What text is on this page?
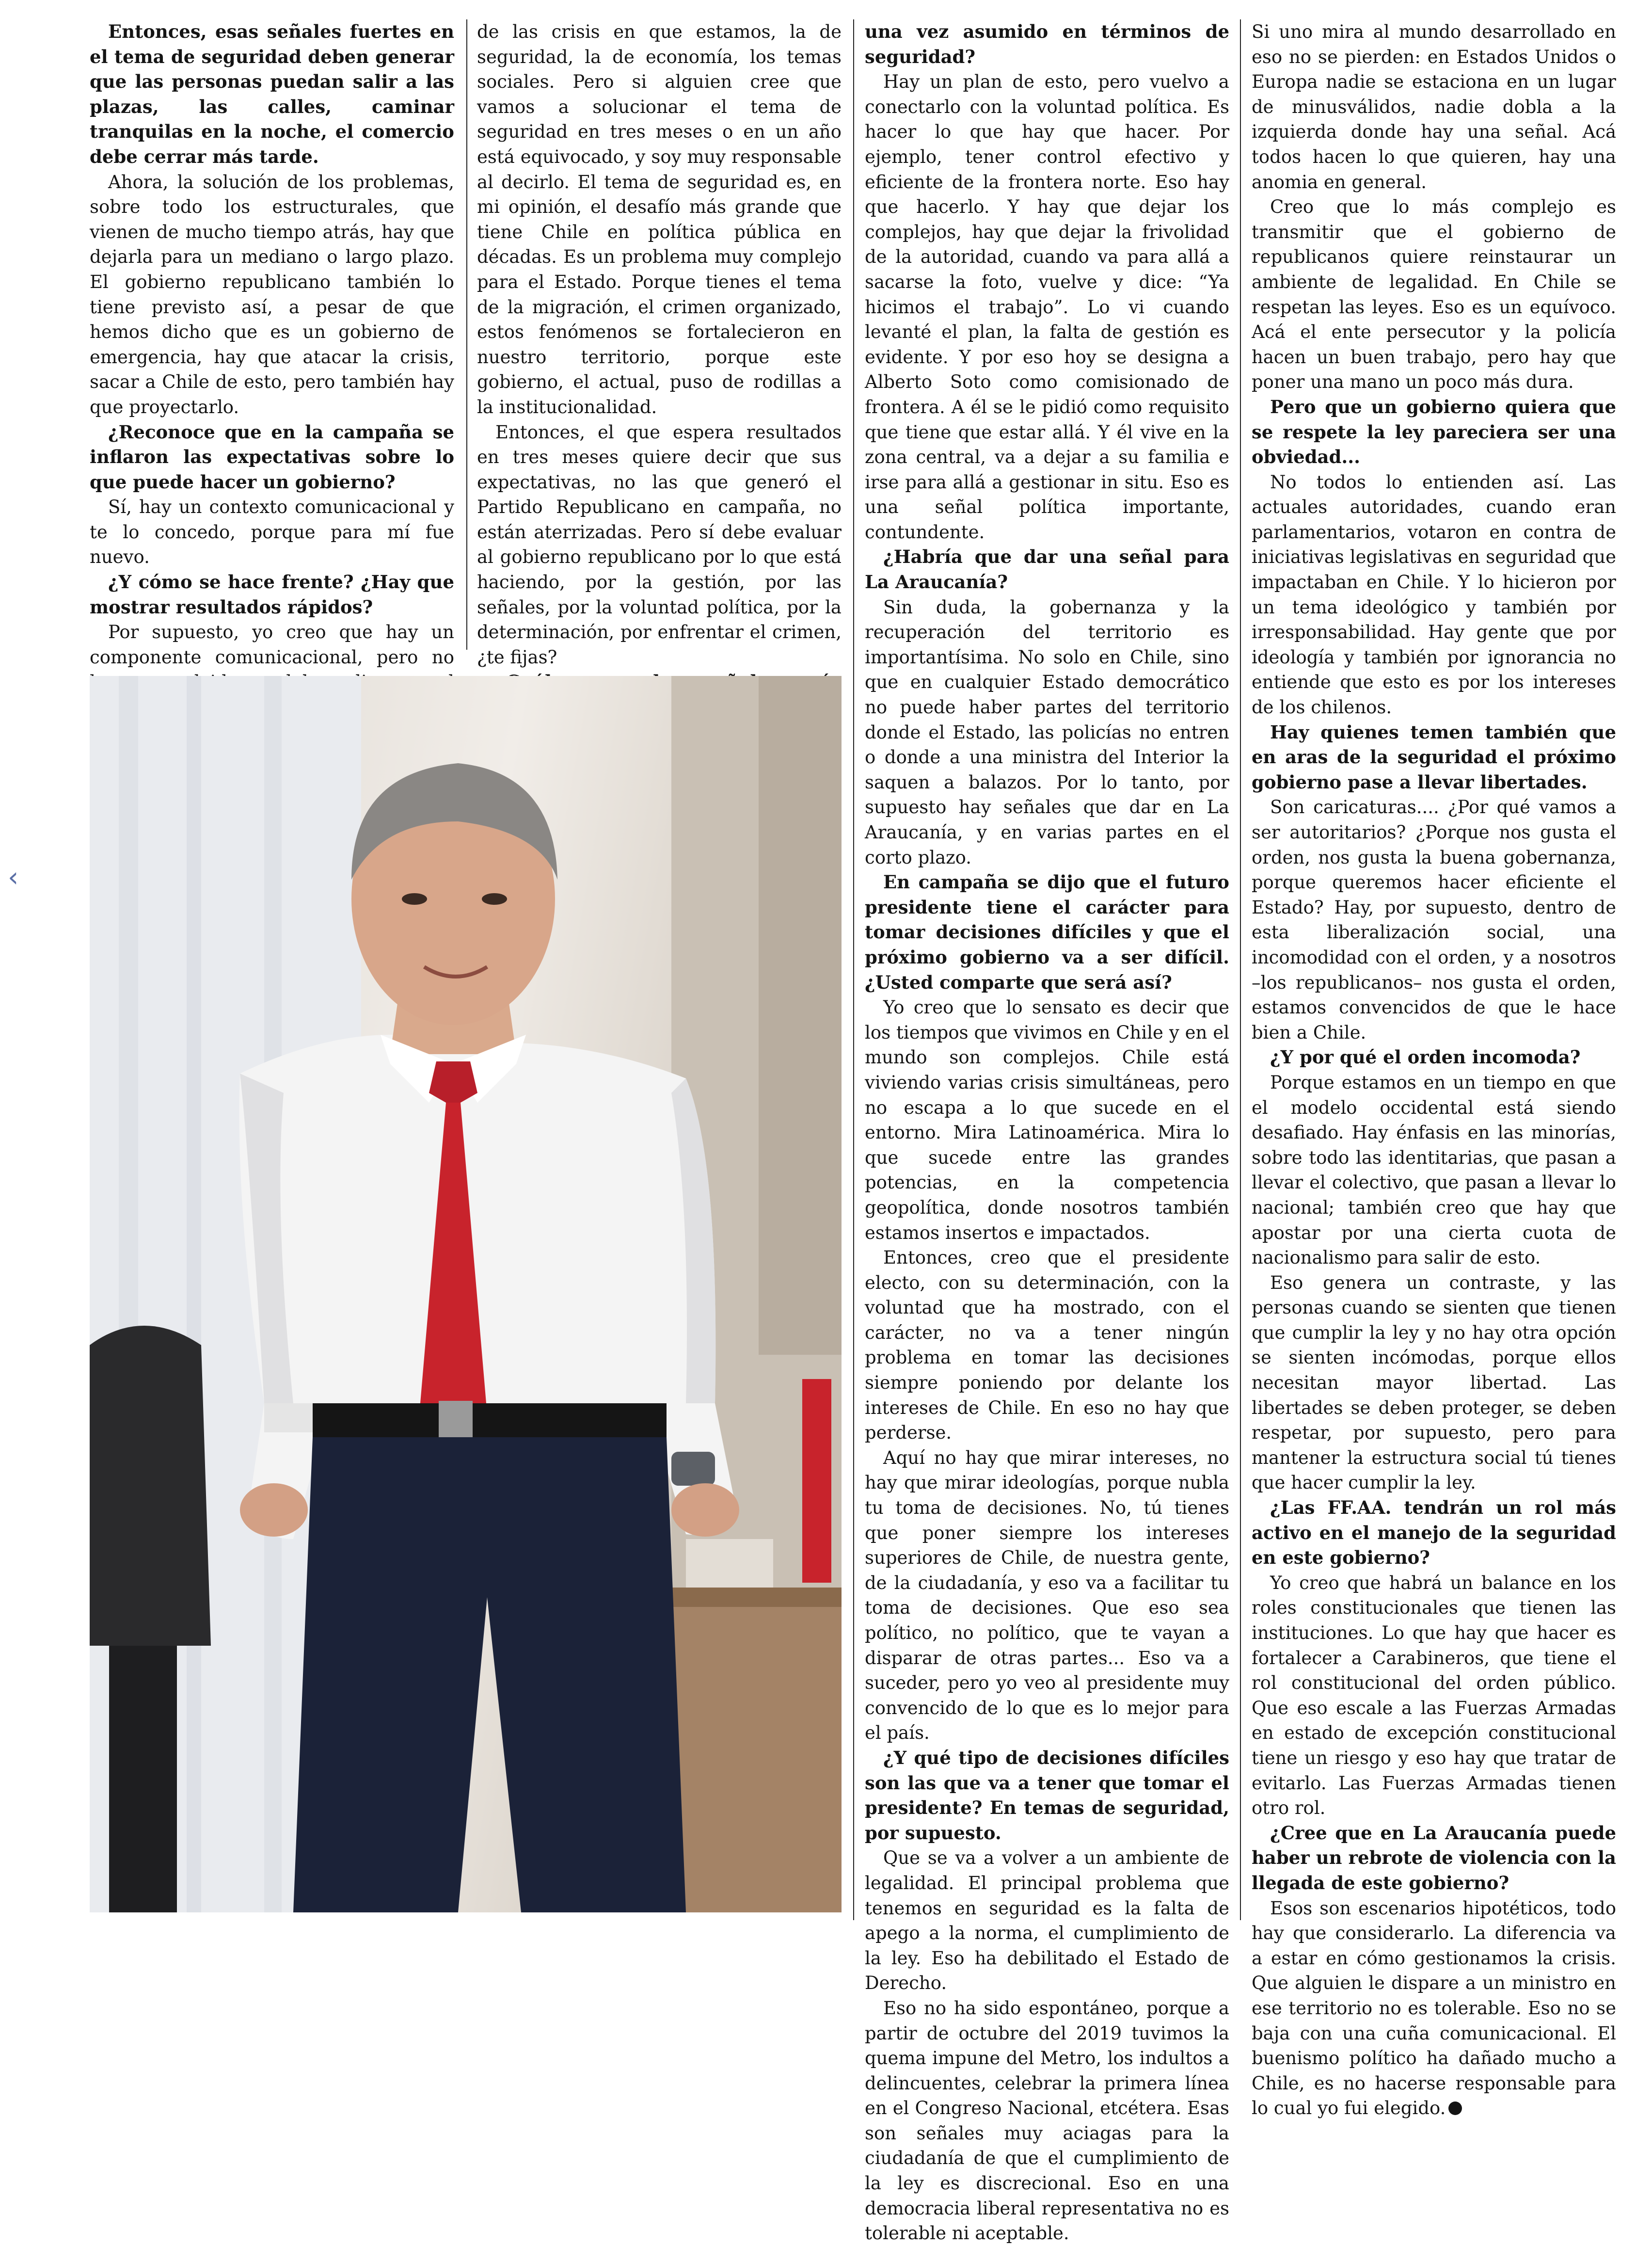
‹

Entonces, esas señales fuertes en el tema de seguridad deben generar que las personas puedan salir a las plazas, las calles, caminar tranquilas en la noche, el comercio debe cerrar más tarde.

Ahora, la solución de los problemas, sobre todo los estructurales, que vienen de mucho tiempo atrás, hay que dejarla para un mediano o largo plazo. El gobierno republicano también lo tiene previsto así, a pesar de que hemos dicho que es un gobierno de emergencia, hay que atacar la crisis, sacar a Chile de esto, pero también hay que proyectarlo.

¿Reconoce que en la campaña se inflaron las expectativas sobre lo que puede hacer un gobierno?

Sí, hay un contexto comunicacional y te lo concedo, porque para mí fue nuevo.

¿Y cómo se hace frente? ¿Hay que mostrar resultados rápidos?

Por supuesto, yo creo que hay un componente comunicacional, pero no

de las crisis en que estamos, la de seguridad, la de economía, los temas sociales. Pero si alguien cree que vamos a solucionar el tema de seguridad en tres meses o en un año está equivocado, y soy muy responsable al decirlo. El tema de seguridad es, en mi opinión, el desafío más grande que tiene Chile en política pública en décadas. Es un problema muy complejo para el Estado. Porque tienes el tema de la migración, el crimen organizado, estos fenómenos se fortalecieron en nuestro territorio, porque este gobierno, el actual, puso de rodillas a la institucionalidad.

Entonces, el que espera resultados en tres meses quiere decir que sus expectativas, no las que generó el Partido Republicano en campaña, no están aterrizadas. Pero sí debe evaluar al gobierno republicano por lo que está haciendo, por la gestión, por las señales, por la voluntad política, por la determinación, por enfrentar el crimen, ¿te fijas?

una vez asumido en términos de seguridad?

Hay un plan de esto, pero vuelvo a conectarlo con la voluntad política. Es hacer lo que hay que hacer. Por ejemplo, tener control efectivo y eficiente de la frontera norte. Eso hay que hacerlo. Y hay que dejar los complejos, hay que dejar la frivolidad de la autoridad, cuando va para allá a sacarse la foto, vuelve y dice: “Ya hicimos el trabajo”. Lo vi cuando levanté el plan, la falta de gestión es evidente. Y por eso hoy se designa a Alberto Soto como comisionado de frontera. A él se le pidió como requisito que tiene que estar allá. Y él vive en la zona central, va a dejar a su familia e irse para allá a gestionar in situ. Eso es una señal política importante, contundente.

¿Habría que dar una señal para La Araucanía?

Sin duda, la gobernanza y la recuperación del territorio es importantísima. No solo en Chile, sino que en cualquier Estado democrático no puede haber partes del territorio donde el Estado, las policías no entren o donde a una ministra del Interior la saquen a balazos. Por lo tanto, por supuesto hay señales que dar en La Araucanía, y en varias partes en el corto plazo.

En campaña se dijo que el futuro presidente tiene el carácter para tomar decisiones difíciles y que el próximo gobierno va a ser difícil. ¿Usted comparte que será así?

Yo creo que lo sensato es decir que los tiempos que vivimos en Chile y en el mundo son complejos. Chile está viviendo varias crisis simultáneas, pero no escapa a lo que sucede en el entorno. Mira Latinoamérica. Mira lo que sucede entre las grandes potencias, en la competencia geopolítica, donde nosotros también estamos insertos e impactados.

Entonces, creo que el presidente electo, con su determinación, con la voluntad que ha mostrado, con el carácter, no va a tener ningún problema en tomar las decisiones siempre poniendo por delante los intereses de Chile. En eso no hay que perderse.

Aquí no hay que mirar intereses, no hay que mirar ideologías, porque nubla tu toma de decisiones. No, tú tienes que poner siempre los intereses superiores de Chile, de nuestra gente, de la ciudadanía, y eso va a facilitar tu toma de decisiones. Que eso sea político, no político, que te vayan a disparar de otras partes... Eso va a suceder, pero yo veo al presidente muy convencido de lo que es lo mejor para el país.

¿Y qué tipo de decisiones difíciles son las que va a tener que tomar el presidente? En temas de seguridad, por supuesto.

Que se va a volver a un ambiente de legalidad. El principal problema que tenemos en seguridad es la falta de apego a la norma, el cumplimiento de la ley. Eso ha debilitado el Estado de Derecho.

Eso no ha sido espontáneo, porque a partir de octubre del 2019 tuvimos la quema impune del Metro, los indultos a delincuentes, celebrar la primera línea en el Congreso Nacional, etcétera. Esas son señales muy aciagas para la ciudadanía de que el cumplimiento de la ley es discrecional. Eso en una democracia liberal representativa no es tolerable ni aceptable.

Si uno mira al mundo desarrollado en eso no se pierden: en Estados Unidos o Europa nadie se estaciona en un lugar de minusválidos, nadie dobla a la izquierda donde hay una señal. Acá todos hacen lo que quieren, hay una anomia en general.

Creo que lo más complejo es transmitir que el gobierno de republicanos quiere reinstaurar un ambiente de legalidad. En Chile se respetan las leyes. Eso es un equívoco. Acá el ente persecutor y la policía hacen un buen trabajo, pero hay que poner una mano un poco más dura.

Pero que un gobierno quiera que se respete la ley pareciera ser una obviedad...

No todos lo entienden así. Las actuales autoridades, cuando eran parlamentarios, votaron en contra de iniciativas legislativas en seguridad que impactaban en Chile. Y lo hicieron por un tema ideológico y también por irresponsabilidad. Hay gente que por ideología y también por ignorancia no entiende que esto es por los intereses de los chilenos.

Hay quienes temen también que en aras de la seguridad el próximo gobierno pase a llevar libertades.

Son caricaturas.... ¿Por qué vamos a ser autoritarios? ¿Porque nos gusta el orden, nos gusta la buena gobernanza, porque queremos hacer eficiente el Estado? Hay, por supuesto, dentro de esta liberalización social, una incomodidad con el orden, y a nosotros –los republicanos– nos gusta el orden, estamos convencidos de que le hace bien a Chile.

¿Y por qué el orden incomoda?

Porque estamos en un tiempo en que el modelo occidental está siendo desafiado. Hay énfasis en las minorías, sobre todo las identitarias, que pasan a llevar el colectivo, que pasan a llevar lo nacional; también creo que hay que apostar por una cierta cuota de nacionalismo para salir de esto.

Eso genera un contraste, y las personas cuando se sienten que tienen que cumplir la ley y no hay otra opción se sienten incómodas, porque ellos necesitan mayor libertad. Las libertades se deben proteger, se deben respetar, por supuesto, pero para mantener la estructura social tú tienes que hacer cumplir la ley.

¿Las FF.AA. tendrán un rol más activo en el manejo de la seguridad en este gobierno?

Yo creo que habrá un balance en los roles constitucionales que tienen las instituciones. Lo que hay que hacer es fortalecer a Carabineros, que tiene el rol constitucional del orden público. Que eso escale a las Fuerzas Armadas en estado de excepción constitucional tiene un riesgo y eso hay que tratar de evitarlo. Las Fuerzas Armadas tienen otro rol.

¿Cree que en La Araucanía puede haber un rebrote de violencia con la llegada de este gobierno?

Esos son escenarios hipotéticos, todo hay que considerarlo. La diferencia va a estar en cómo gestionamos la crisis. Que alguien le dispare a un ministro en ese territorio no es tolerable. Eso no se baja con una cuña comunicacional. El buenismo político ha dañado mucho a Chile, es no hacerse responsable para lo cual yo fui elegido.
